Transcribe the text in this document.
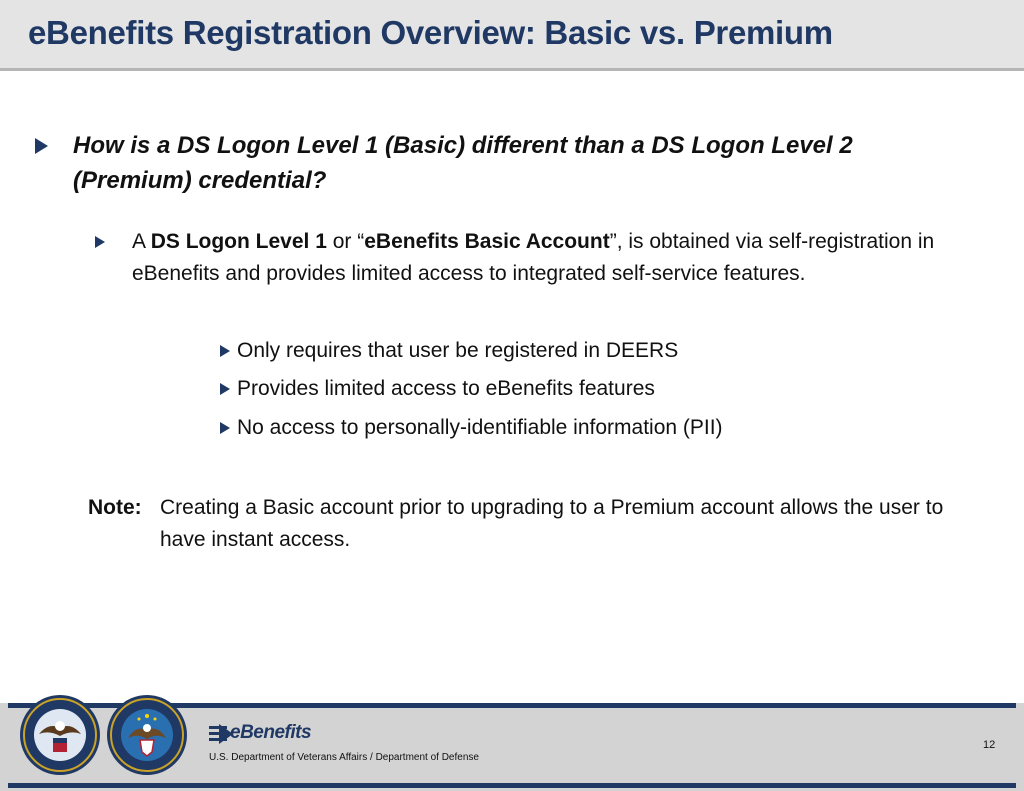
eBenefits Registration Overview: Basic vs. Premium
How is a DS Logon Level 1 (Basic) different than a DS Logon Level 2 (Premium) credential?
A DS Logon Level 1 or “eBenefits Basic Account”, is obtained via self-registration in eBenefits and provides limited access to integrated self-service features.
Only requires that user be registered in DEERS
Provides limited access to eBenefits features
No access to personally-identifiable information (PII)
Note: Creating a Basic account prior to upgrading to a Premium account allows the user to have instant access.
eBenefits
U.S. Department of Veterans Affairs / Department of Defense
12
